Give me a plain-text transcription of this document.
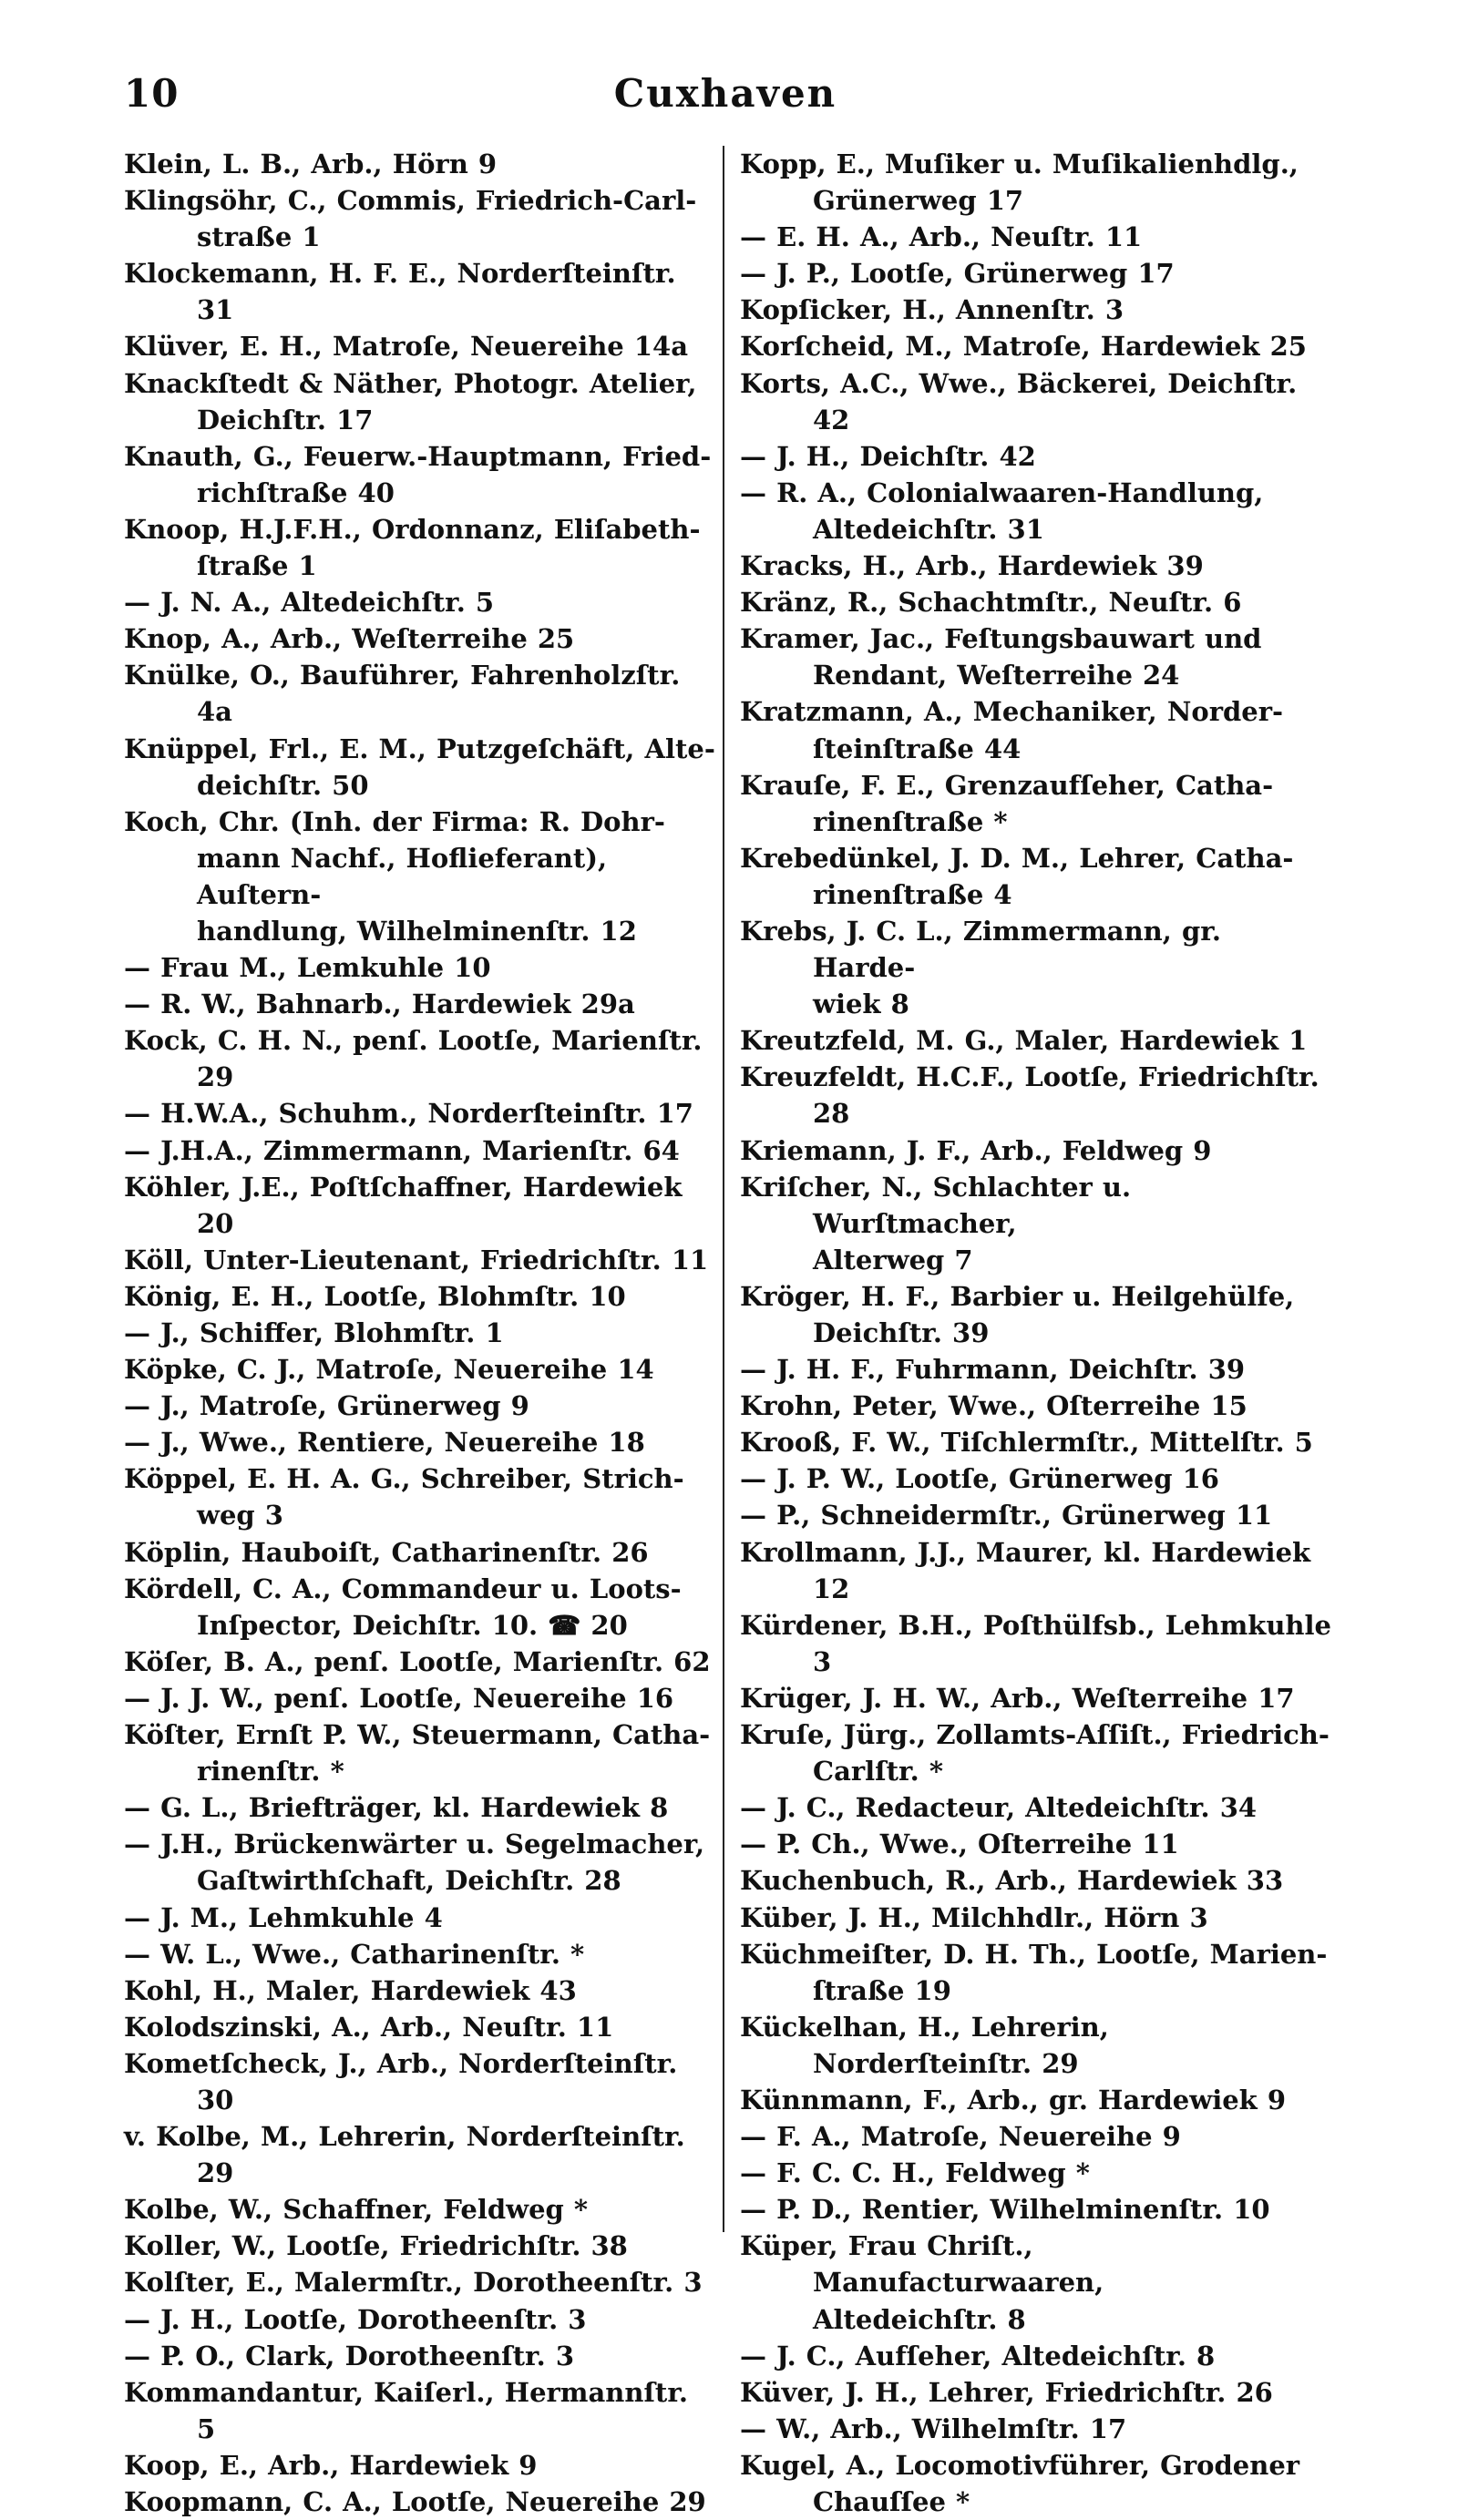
10	Cuxhaven
Klein, L. B., Arb., Hörn 9
Klingsöhr, C., Commis, Friedrich-Carl-
straße 1
Klockemann, H. F. E., Norderſteinſtr. 31
Klüver, E. H., Matroſe, Neuereihe 14a
Knackſtedt & Näther, Photogr. Atelier,
Deichſtr. 17
Knauth, G., Feuerw.-Hauptmann, Fried-
richſtraße 40
Knoop, H.J.F.H., Ordonnanz, Eliſabeth-
ſtraße 1
— J. N. A., Altedeichſtr. 5
Knop, A., Arb., Weſterreihe 25
Knülke, O., Bauführer, Fahrenholzſtr. 4a
Knüppel, Frl., E. M., Putzgeſchäft, Alte-
deichſtr. 50
Koch, Chr. (Inh. der Firma: R. Dohr-
mann Nachf., Hoflieferant), Auſtern-
handlung, Wilhelminenſtr. 12
— Frau M., Lemkuhle 10
— R. W., Bahnarb., Hardewiek 29a
Kock, C. H. N., penſ. Lootſe, Marienſtr. 29
— H.W.A., Schuhm., Norderſteinſtr. 17
— J.H.A., Zimmermann, Marienſtr. 64
Köhler, J.E., Poſtſchaffner, Hardewiek 20
Köll, Unter-Lieutenant, Friedrichſtr. 11
König, E. H., Lootſe, Blohmſtr. 10
— J., Schiffer, Blohmſtr. 1
Köpke, C. J., Matroſe, Neuereihe 14
— J., Matroſe, Grünerweg 9
— J., Wwe., Rentiere, Neuereihe 18
Köppel, E. H. A. G., Schreiber, Strich-
weg 3
Köplin, Hauboiſt, Catharinenſtr. 26
Kördell, C. A., Commandeur u. Loots-
Inſpector, Deichſtr. 10. ☎ 20
Köſer, B. A., penſ. Lootſe, Marienſtr. 62
— J. J. W., penſ. Lootſe, Neuereihe 16
Köſter, Ernſt P. W., Steuermann, Catha-
rinenſtr. *
— G. L., Briefträger, kl. Hardewiek 8
— J.H., Brückenwärter u. Segelmacher,
Gaſtwirthſchaft, Deichſtr. 28
— J. M., Lehmkuhle 4
— W. L., Wwe., Catharinenſtr. *
Kohl, H., Maler, Hardewiek 43
Kolodszinski, A., Arb., Neuſtr. 11
Kometſcheck, J., Arb., Norderſteinſtr. 30
v. Kolbe, M., Lehrerin, Norderſteinſtr. 29
Kolbe, W., Schaffner, Feldweg *
Koller, W., Lootſe, Friedrichſtr. 38
Kolſter, E., Malermſtr., Dorotheenſtr. 3
— J. H., Lootſe, Dorotheenſtr. 3
— P. O., Clark, Dorotheenſtr. 3
Kommandantur, Kaiſerl., Hermannſtr. 5
Koop, E., Arb., Hardewiek 9
Koopmann, C. A., Lootſe, Neuereihe 29
Kopp, E., Muſiker u. Muſikalienhdlg.,
Grünerweg 17
— E. H. A., Arb., Neuſtr. 11
— J. P., Lootſe, Grünerweg 17
Kopſicker, H., Annenſtr. 3
Korſcheid, M., Matroſe, Hardewiek 25
Korts, A.C., Wwe., Bäckerei, Deichſtr. 42
— J. H., Deichſtr. 42
— R. A., Colonialwaaren-Handlung,
Altedeichſtr. 31
Kracks, H., Arb., Hardewiek 39
Kränz, R., Schachtmſtr., Neuſtr. 6
Kramer, Jac., Feſtungsbauwart und
Rendant, Weſterreihe 24
Kratzmann, A., Mechaniker, Norder-
ſteinſtraße 44
Krauſe, F. E., Grenzaufſeher, Catha-
rinenſtraße *
Krebedünkel, J. D. M., Lehrer, Catha-
rinenſtraße 4
Krebs, J. C. L., Zimmermann, gr. Harde-
wiek 8
Kreutzfeld, M. G., Maler, Hardewiek 1
Kreuzfeldt, H.C.F., Lootſe, Friedrichſtr. 28
Kriemann, J. F., Arb., Feldweg 9
Kriſcher, N., Schlachter u. Wurſtmacher,
Alterweg 7
Kröger, H. F., Barbier u. Heilgehülfe,
Deichſtr. 39
— J. H. F., Fuhrmann, Deichſtr. 39
Krohn, Peter, Wwe., Oſterreihe 15
Krooß, F. W., Tiſchlermſtr., Mittelſtr. 5
— J. P. W., Lootſe, Grünerweg 16
— P., Schneidermſtr., Grünerweg 11
Krollmann, J.J., Maurer, kl. Hardewiek 12
Kürdener, B.H., Poſthülfsb., Lehmkuhle 3
Krüger, J. H. W., Arb., Weſterreihe 17
Kruſe, Jürg., Zollamts-Aſſiſt., Friedrich-
Carlſtr. *
— J. C., Redacteur, Altedeichſtr. 34
— P. Ch., Wwe., Oſterreihe 11
Kuchenbuch, R., Arb., Hardewiek 33
Küber, J. H., Milchhdlr., Hörn 3
Küchmeiſter, D. H. Th., Lootſe, Marien-
ſtraße 19
Kückelhan, H., Lehrerin, Norderſteinſtr. 29
Künnmann, F., Arb., gr. Hardewiek 9
— F. A., Matroſe, Neuereihe 9
— F. C. C. H., Feldweg *
— P. D., Rentier, Wilhelminenſtr. 10
Küper, Frau Chriſt., Manufacturwaaren,
Altedeichſtr. 8
— J. C., Aufſeher, Altedeichſtr. 8
Küver, J. H., Lehrer, Friedrichſtr. 26
— W., Arb., Wilhelmſtr. 17
Kugel, A., Locomotivführer, Grodener
Chauſſee *
